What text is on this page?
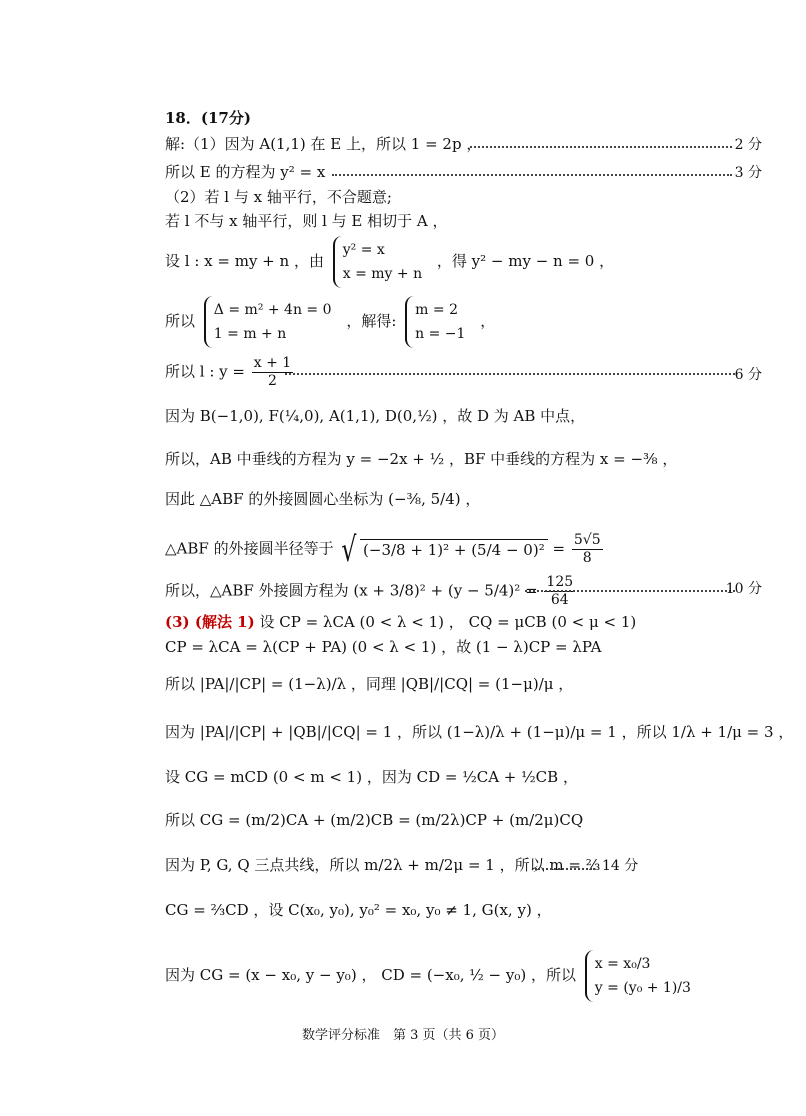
18．(17分)
解:（1）因为 A(1,1) 在 E 上，所以 1 = 2p ，	2 分
所以 E 的方程为 y² = x	3 分
（2）若 l 与 x 轴平行，不合题意;
若 l 不与 x 轴平行，则 l 与 E 相切于 A ，
设 l : x = my + n ，由
y² = x
x = my + n
，得 y² − my − n = 0 ，
所以
Δ = m² + 4n = 0
1 = m + n
，解得:
m = 2
n = −1
，
所以 l : $y = \frac{x + 1}{2}$	6 分
因为 B(−1,0), F(¼,0), A(1,1), D(0,½) ，故 D 为 AB 中点，
所以，AB 中垂线的方程为 y = −2x + ½ ，BF 中垂线的方程为 x = −⅜ ，
因此 △ABF 的外接圆圆心坐标为 (−⅜, 5/4) ，
△ABF 的外接圆半径等于 √ $(-3/8 + 1)^2 + (5/4 - 0)^2 = \frac{5√5}{8}$
所以，△ABF 外接圆方程为 $(x + 3/8)^2 + (y - 5/4)^2 = \frac{125}{64}$	10 分
(3) (解法 1) 设 CP = λCA (0 < λ < 1) ， CQ = μCB (0 < μ < 1)
CP = λCA = λ(CP + PA) (0 < λ < 1) ，故 (1 − λ)CP = λPA
所以 |PA|/|CP| = (1−λ)/λ ，同理 |QB|/|CQ| = (1−μ)/μ ，
因为 |PA|/|CP| + |QB|/|CQ| = 1 ，所以 (1−λ)/λ + (1−μ)/μ = 1 ，所以 1/λ + 1/μ = 3 ，
设 CG = mCD (0 < m < 1) ，因为 CD = ½CA + ½CB ，
所以 CG = (m/2)CA + (m/2)CB = (m/2λ)CP + (m/2μ)CQ
因为 P, G, Q 三点共线，所以 m/2λ + m/2μ = 1 ，所以 m = ⅔ 14 分
CG = ⅔CD ，设 C(x₀, y₀), y₀² = x₀, y₀ ≠ 1, G(x, y) ，
因为 CG = (x − x₀, y − y₀) ， CD = (−x₀, ½ − y₀) ，所以
x = x₀/3
y = (y₀ + 1)/3
数学评分标准　第 3 页（共 6 页）
